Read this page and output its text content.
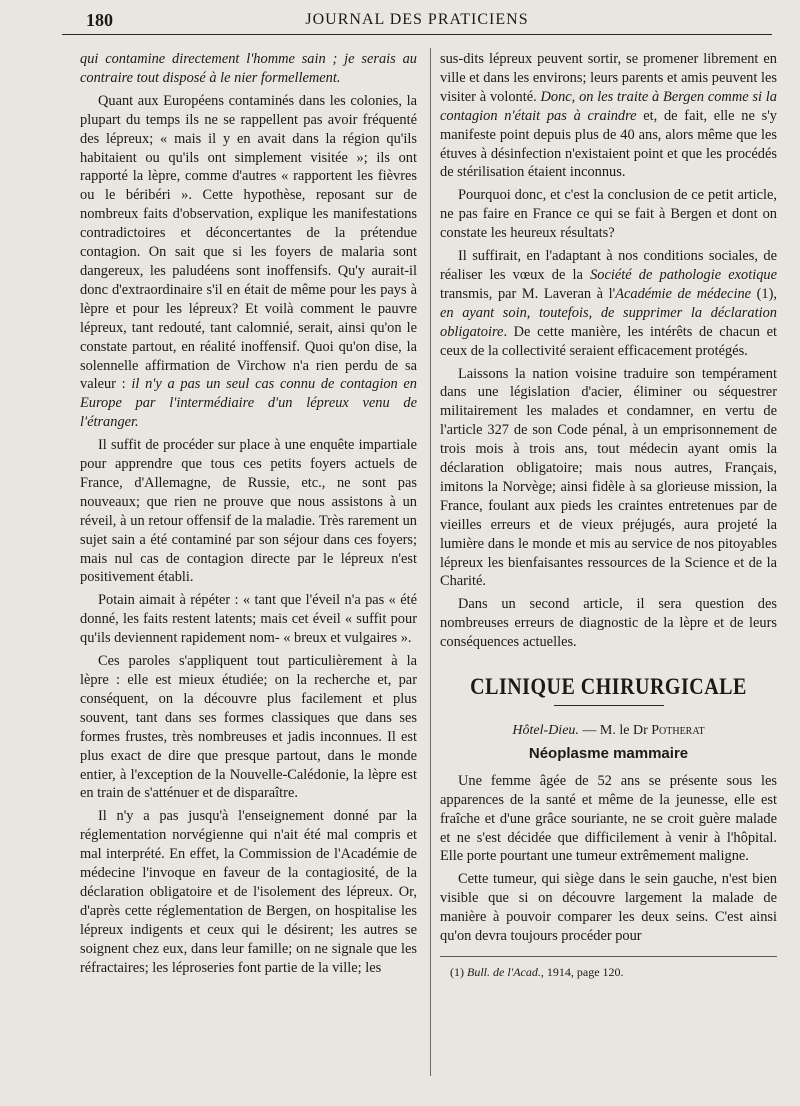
180	JOURNAL DES PRATICIENS

qui contamine directement l'homme sain ; je serais au contraire tout disposé à le nier formellement.

Quant aux Européens contaminés dans les colonies, la plupart du temps ils ne se rappellent pas avoir fréquenté des lépreux; « mais il y en avait dans la région qu'ils habitaient ou qu'ils ont simplement visitée »; ils ont rapporté la lèpre, comme d'autres « rapportent les fièvres ou le béribéri ». Cette hypothèse, reposant sur de nombreux faits d'observation, explique les manifestations contradictoires et déconcertantes de la prétendue contagion. On sait que si les foyers de malaria sont dangereux, les paludéens sont inoffensifs. Qu'y aurait-il donc d'extraordinaire s'il en était de même pour les pays à lèpre et pour les lépreux? Et voilà comment le pauvre lépreux, tant redouté, tant calomnié, serait, ainsi qu'on le constate partout, en réalité inoffensif. Quoi qu'on dise, la solennelle affirmation de Virchow n'a rien perdu de sa valeur : il n'y a pas un seul cas connu de contagion en Europe par l'intermédiaire d'un lépreux venu de l'étranger.

Il suffit de procéder sur place à une enquête impartiale pour apprendre que tous ces petits foyers actuels de France, d'Allemagne, de Russie, etc., ne sont pas nouveaux; que rien ne prouve que nous assistons à un réveil, à un retour offensif de la maladie. Très rarement un sujet sain a été contaminé par son séjour dans ces foyers; mais nul cas de contagion directe par le lépreux n'est positivement établi.

Potain aimait à répéter : « tant que l'éveil n'a pas « été donné, les faits restent latents; mais cet éveil « suffit pour qu'ils deviennent rapidement nom- « breux et vulgaires ».

Ces paroles s'appliquent tout particulièrement à la lèpre : elle est mieux étudiée; on la recherche et, par conséquent, on la découvre plus facilement et plus souvent, tant dans ses formes classiques que dans ses formes frustes, très nombreuses et jadis inconnues. Il est plus exact de dire que presque partout, dans le monde entier, à l'exception de la Nouvelle-Calédonie, la lèpre est en train de s'atténuer et de disparaître.

Il n'y a pas jusqu'à l'enseignement donné par la réglementation norvégienne qui n'ait été mal compris et mal interprété. En effet, la Commission de l'Académie de médecine l'invoque en faveur de la contagiosité, de la déclaration obligatoire et de l'isolement des lépreux. Or, d'après cette réglementation de Bergen, on hospitalise les lépreux indigents et ceux qui le désirent; les autres se soignent chez eux, dans leur famille; on ne signale que les réfractaires; les léproseries font partie de la ville; les

sus-dits lépreux peuvent sortir, se promener librement en ville et dans les environs; leurs parents et amis peuvent les visiter à volonté. Donc, on les traite à Bergen comme si la contagion n'était pas à craindre et, de fait, elle ne s'y manifeste point depuis plus de 40 ans, alors même que les étuves à désinfection n'existaient point et que les procédés de stérilisation étaient inconnus.

Pourquoi donc, et c'est la conclusion de ce petit article, ne pas faire en France ce qui se fait à Bergen et dont on constate les heureux résultats?

Il suffirait, en l'adaptant à nos conditions sociales, de réaliser les vœux de la Société de pathologie exotique transmis, par M. Laveran à l'Académie de médecine (1), en ayant soin, toutefois, de supprimer la déclaration obligatoire. De cette manière, les intérêts de chacun et ceux de la collectivité seraient efficacement protégés.

Laissons la nation voisine traduire son tempérament dans une législation d'acier, éliminer ou séquestrer militairement les malades et condamner, en vertu de l'article 327 de son Code pénal, à un emprisonnement de trois mois à trois ans, tout médecin ayant omis la déclaration obligatoire; mais nous autres, Français, imitons la Norvège; ainsi fidèle à sa glorieuse mission, la France, foulant aux pieds les craintes entretenues par de vieilles erreurs et de vieux préjugés, aura projeté la lumière dans le monde et mis au service de nos pitoyables lépreux les bienfaisantes ressources de la Science et de la Charité.

Dans un second article, il sera question des nombreuses erreurs de diagnostic de la lèpre et de leurs conséquences actuelles.

CLINIQUE CHIRURGICALE
Hôtel-Dieu. — M. le Dr Potherat
Néoplasme mammaire

Une femme âgée de 52 ans se présente sous les apparences de la santé et même de la jeunesse, elle est fraîche et d'une grâce souriante, ne se croit guère malade et ne s'est décidée que difficilement à venir à l'hôpital. Elle porte pourtant une tumeur extrêmement maligne.

Cette tumeur, qui siège dans le sein gauche, n'est bien visible que si on découvre largement la malade de manière à pouvoir comparer les deux seins. C'est ainsi qu'on devra toujours procéder pour

(1) Bull. de l'Acad., 1914, page 120.
